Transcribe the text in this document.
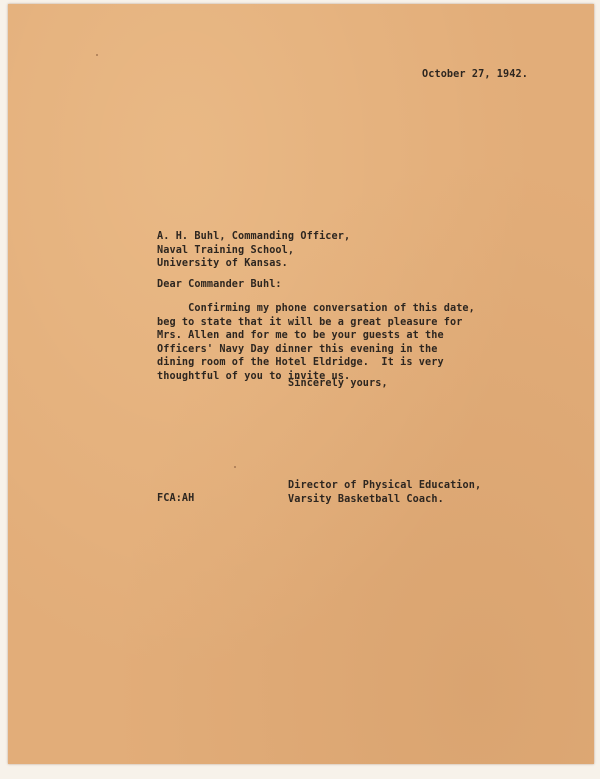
October 27, 1942.
A. H. Buhl, Commanding Officer,
Naval Training School,
University of Kansas.
Dear Commander Buhl:
Confirming my phone conversation of this date,
beg to state that it will be a great pleasure for
Mrs. Allen and for me to be your guests at the
Officers' Navy Day dinner this evening in the
dining room of the Hotel Eldridge.  It is very
thoughtful of you to invite us.
Sincerely yours,
Director of Physical Education,
Varsity Basketball Coach.
FCA:AH
